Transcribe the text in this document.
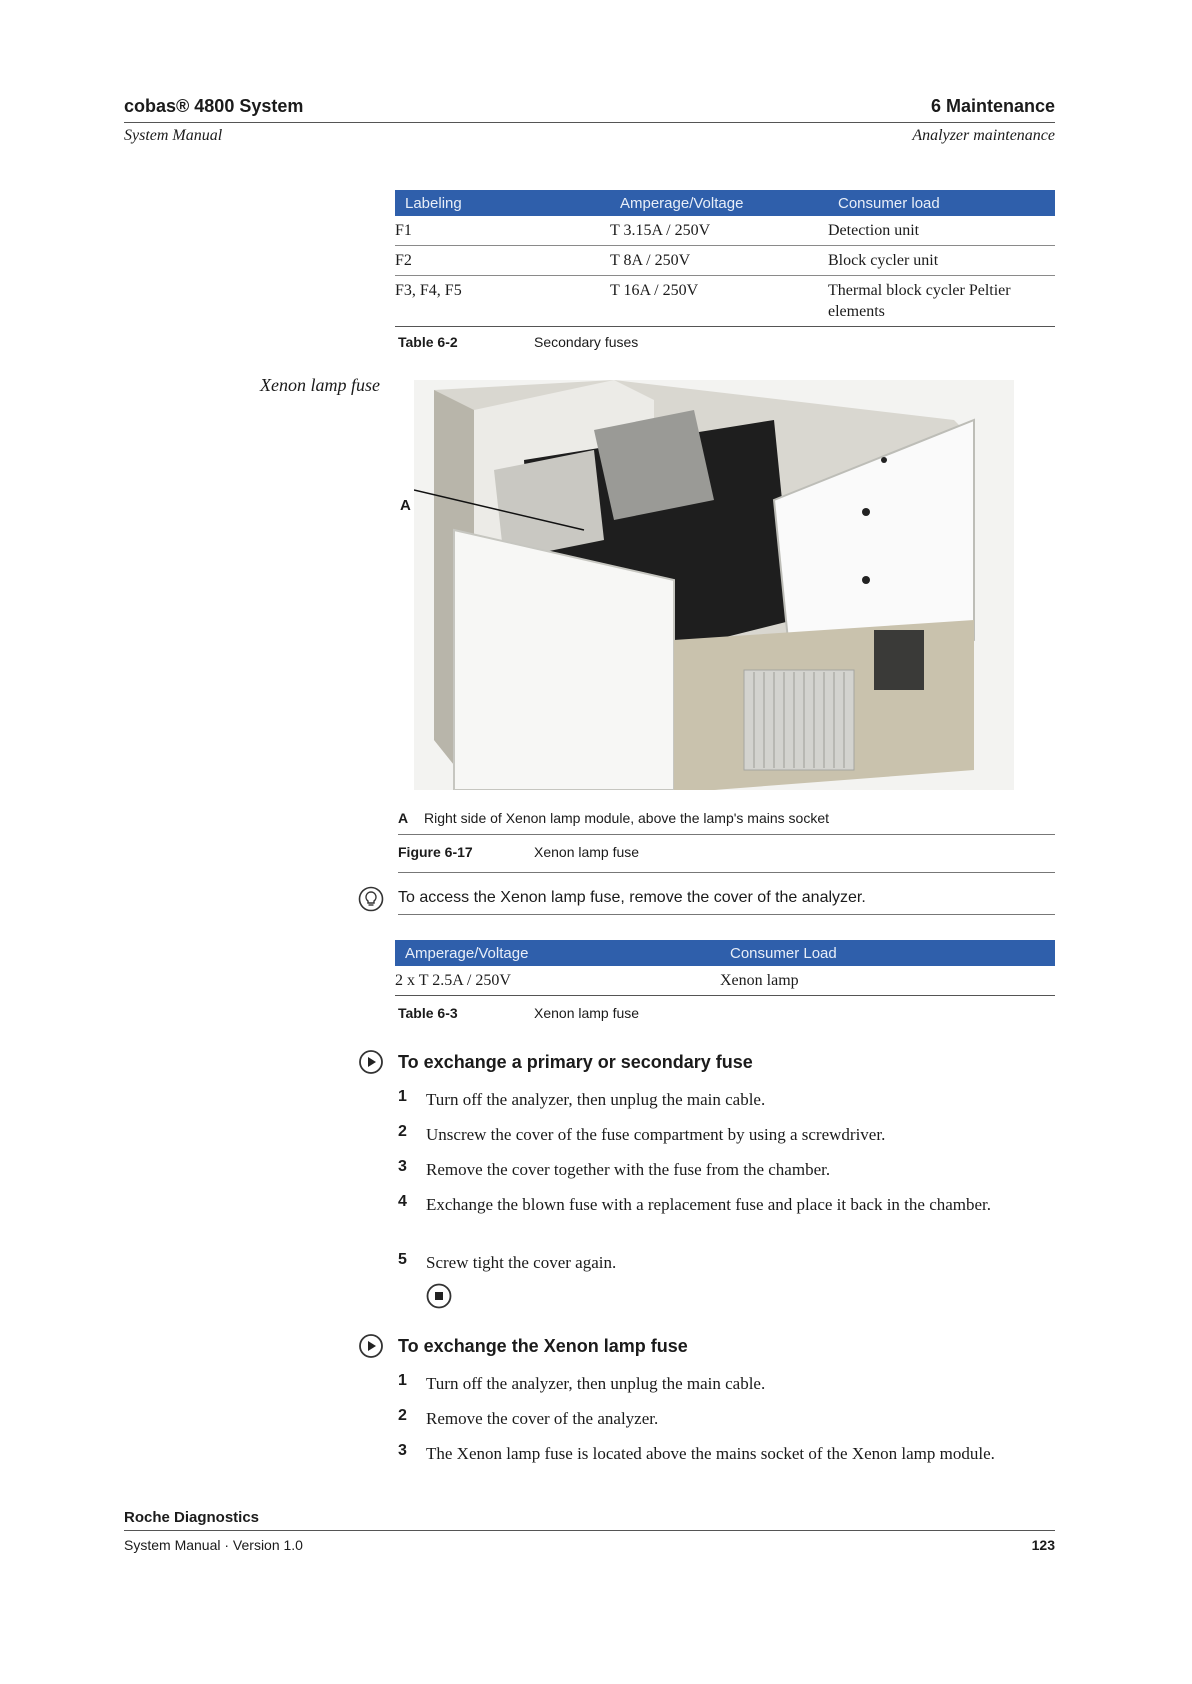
cobas® 4800 System	6 Maintenance
System Manual	Analyzer maintenance
Labeling	Amperage/Voltage	Consumer load
F1	T 3.15A / 250V	Detection unit
F2	T 8A / 250V	Block cycler unit
F3, F4, F5	T 16A / 250V	Thermal block cycler Peltier elements
Table 6-2	Secondary fuses
Xenon lamp fuse
A
A Right side of Xenon lamp module, above the lamp's mains socket
Figure 6-17	Xenon lamp fuse
To access the Xenon lamp fuse, remove the cover of the analyzer.
Amperage/Voltage	Consumer Load
2 x T 2.5A / 250V	Xenon lamp
Table 6-3	Xenon lamp fuse
To exchange a primary or secondary fuse
1 Turn off the analyzer, then unplug the main cable.
2 Unscrew the cover of the fuse compartment by using a screwdriver.
3 Remove the cover together with the fuse from the chamber.
4 Exchange the blown fuse with a replacement fuse and place it back in the chamber.
5 Screw tight the cover again.
To exchange the Xenon lamp fuse
1 Turn off the analyzer, then unplug the main cable.
2 Remove the cover of the analyzer.
3 The Xenon lamp fuse is located above the mains socket of the Xenon lamp module.
Roche Diagnostics
System Manual · Version 1.0	123
